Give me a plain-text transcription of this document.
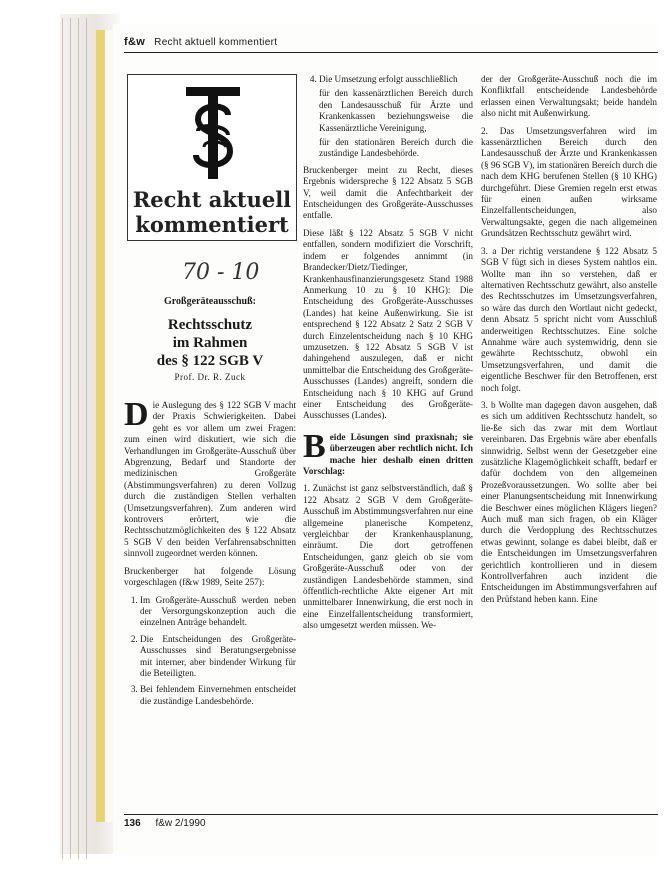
f&w Recht aktuell kommentiert
Recht aktuell
kommentiert
70 - 10
Großgeräteausschuß:
Rechtsschutz
im Rahmen
des § 122 SGB V
Prof. Dr. R. Zuck

Die Auslegung des § 122 SGB V macht der Praxis Schwierigkeiten. Dabei geht es vor allem um zwei Fragen: zum einen wird diskutiert, wie sich die Verhandlungen im Großgeräte-Ausschuß über Abgrenzung, Bedarf und Standorte der medizinischen Großgeräte (Abstimmungsverfahren) zu deren Vollzug durch die zuständigen Stellen verhalten (Umsetzungsverfahren). Zum anderen wird kontrovers erörtert, wie die Rechtsschutzmöglichkeiten des § 122 Absatz 5 SGB V den beiden Verfahrensabschnitten sinnvoll zugeordnet werden können.

Bruckenberger hat folgende Lösung vorgeschlagen (f&w 1989, Seite 257):

1. Im Großgeräte-Ausschuß werden neben der Versorgungskonzeption auch die einzelnen Anträge behandelt.
2. Die Entscheidungen des Großgeräte-Ausschusses sind Beratungsergebnisse mit interner, aber bindender Wirkung für die Beteiligten.
3. Bei fehlendem Einvernehmen entscheidet die zuständige Landesbehörde.
4. Die Umsetzung erfolgt ausschließlich
für den kassenärztlichen Bereich durch den Landesausschuß für Ärzte und Krankenkassen beziehungsweise die Kassenärztliche Vereinigung,
für den stationären Bereich durch die zuständige Landesbehörde.

Bruckenberger meint zu Recht, dieses Ergebnis widerspreche § 122 Absatz 5 SGB V, weil damit die Anfechtbarkeit der Entscheidungen des Großgeräte-Ausschusses entfalle.

Diese läßt § 122 Absatz 5 SGB V nicht entfallen, sondern modifiziert die Vorschrift, indem er folgendes annimmt (in Brandecker/Dietz/Tiedinger, Krankenhausfinanzierungsgesetz Stand 1988 Anmerkung 10 zu § 10 KHG): Die Entscheidung des Großgeräte-Ausschusses (Landes) hat keine Außenwirkung. Sie ist entsprechend § 122 Absatz 2 Satz 2 SGB V durch Einzelentscheidung nach § 10 KHG umzusetzen. § 122 Absatz 5 SGB V ist dahingehend auszulegen, daß er nicht unmittelbar die Entscheidung des Großgeräte-Ausschusses (Landes) angreift, sondern die Entscheidung nach § 10 KHG auf Grund einer Entscheidung des Großgeräte-Ausschusses (Landes).

Beide Lösungen sind praxisnah; sie überzeugen aber rechtlich nicht. Ich mache hier deshalb einen dritten Vorschlag:

1. Zunächst ist ganz selbstverständlich, daß § 122 Absatz 2 SGB V dem Großgeräte-Ausschuß im Abstimmungsverfahren nur eine allgemeine planerische Kompetenz, vergleichbar der Krankenhausplanung, einräumt. Die dort getroffenen Entscheidungen, ganz gleich ob sie vom Großgeräte-Ausschuß oder von der zuständigen Landesbehörde stammen, sind öffentlich-rechtliche Akte eigener Art mit unmittelbarer Innenwirkung, die erst noch in eine Einzelfallentscheidung transformiert, also umgesetzt werden müssen. We-

der der Großgeräte-Ausschuß noch die im Konfliktfall entscheidende Landesbehörde erlassen einen Verwaltungsakt; beide handeln also nicht mit Außenwirkung.

2. Das Umsetzungsverfahren wird im kassenärztlichen Bereich durch den Landesausschuß der Ärzte und Krankenkassen (§ 96 SGB V), im stationären Bereich durch die nach dem KHG berufenen Stellen (§ 10 KHG) durchgeführt. Diese Gremien regeln erst etwas für einen außen wirksame Einzelfallentscheidungen, also Verwaltungsakte, gegen die nach allgemeinen Grundsätzen Rechtsschutz gewährt wird.

3. a Der richtig verstandene § 122 Absatz 5 SGB V fügt sich in dieses System nahtlos ein. Wollte man ihn so verstehen, daß er alternativen Rechtsschutz gewährt, also anstelle des Rechtsschutzes im Umsetzungsverfahren, so wäre das durch den Wortlaut nicht gedeckt, denn Absatz 5 spricht nicht vom Ausschluß anderweitigen Rechtsschutzes. Eine solche Annahme wäre auch systemwidrig, denn sie gewährte Rechtsschutz, obwohl ein Umsetzungsverfahren, und damit die eigentliche Beschwer für den Betroffenen, erst noch folgt.

3. b Wollte man dagegen davon ausgehen, daß es sich um additiven Rechtsschutz handelt, so lie-ße sich das zwar mit dem Wortlaut vereinbaren. Das Ergebnis wäre aber ebenfalls sinnwidrig. Selbst wenn der Gesetzgeber eine zusätzliche Klagemöglichkeit schafft, bedarf er dafür dochdem von den allgemeinen Prozeßvoraussetzungen. Wo sollte aber bei einer Planungsentscheidung mit Innenwirkung die Beschwer eines möglichen Klägers liegen? Auch muß man sich fragen, ob ein Kläger durch die Verdopplung des Rechtsschutzes etwas gewinnt, solange es dabei bleibt, daß er die Entscheidungen im Umsetzungsverfahren gerichtlich kontrollieren und in diesem Kontrollverfahren auch inzident die Entscheidungen im Abstimmungsverfahren auf den Prüfstand heben kann. Eine

136 f&w 2/1990
